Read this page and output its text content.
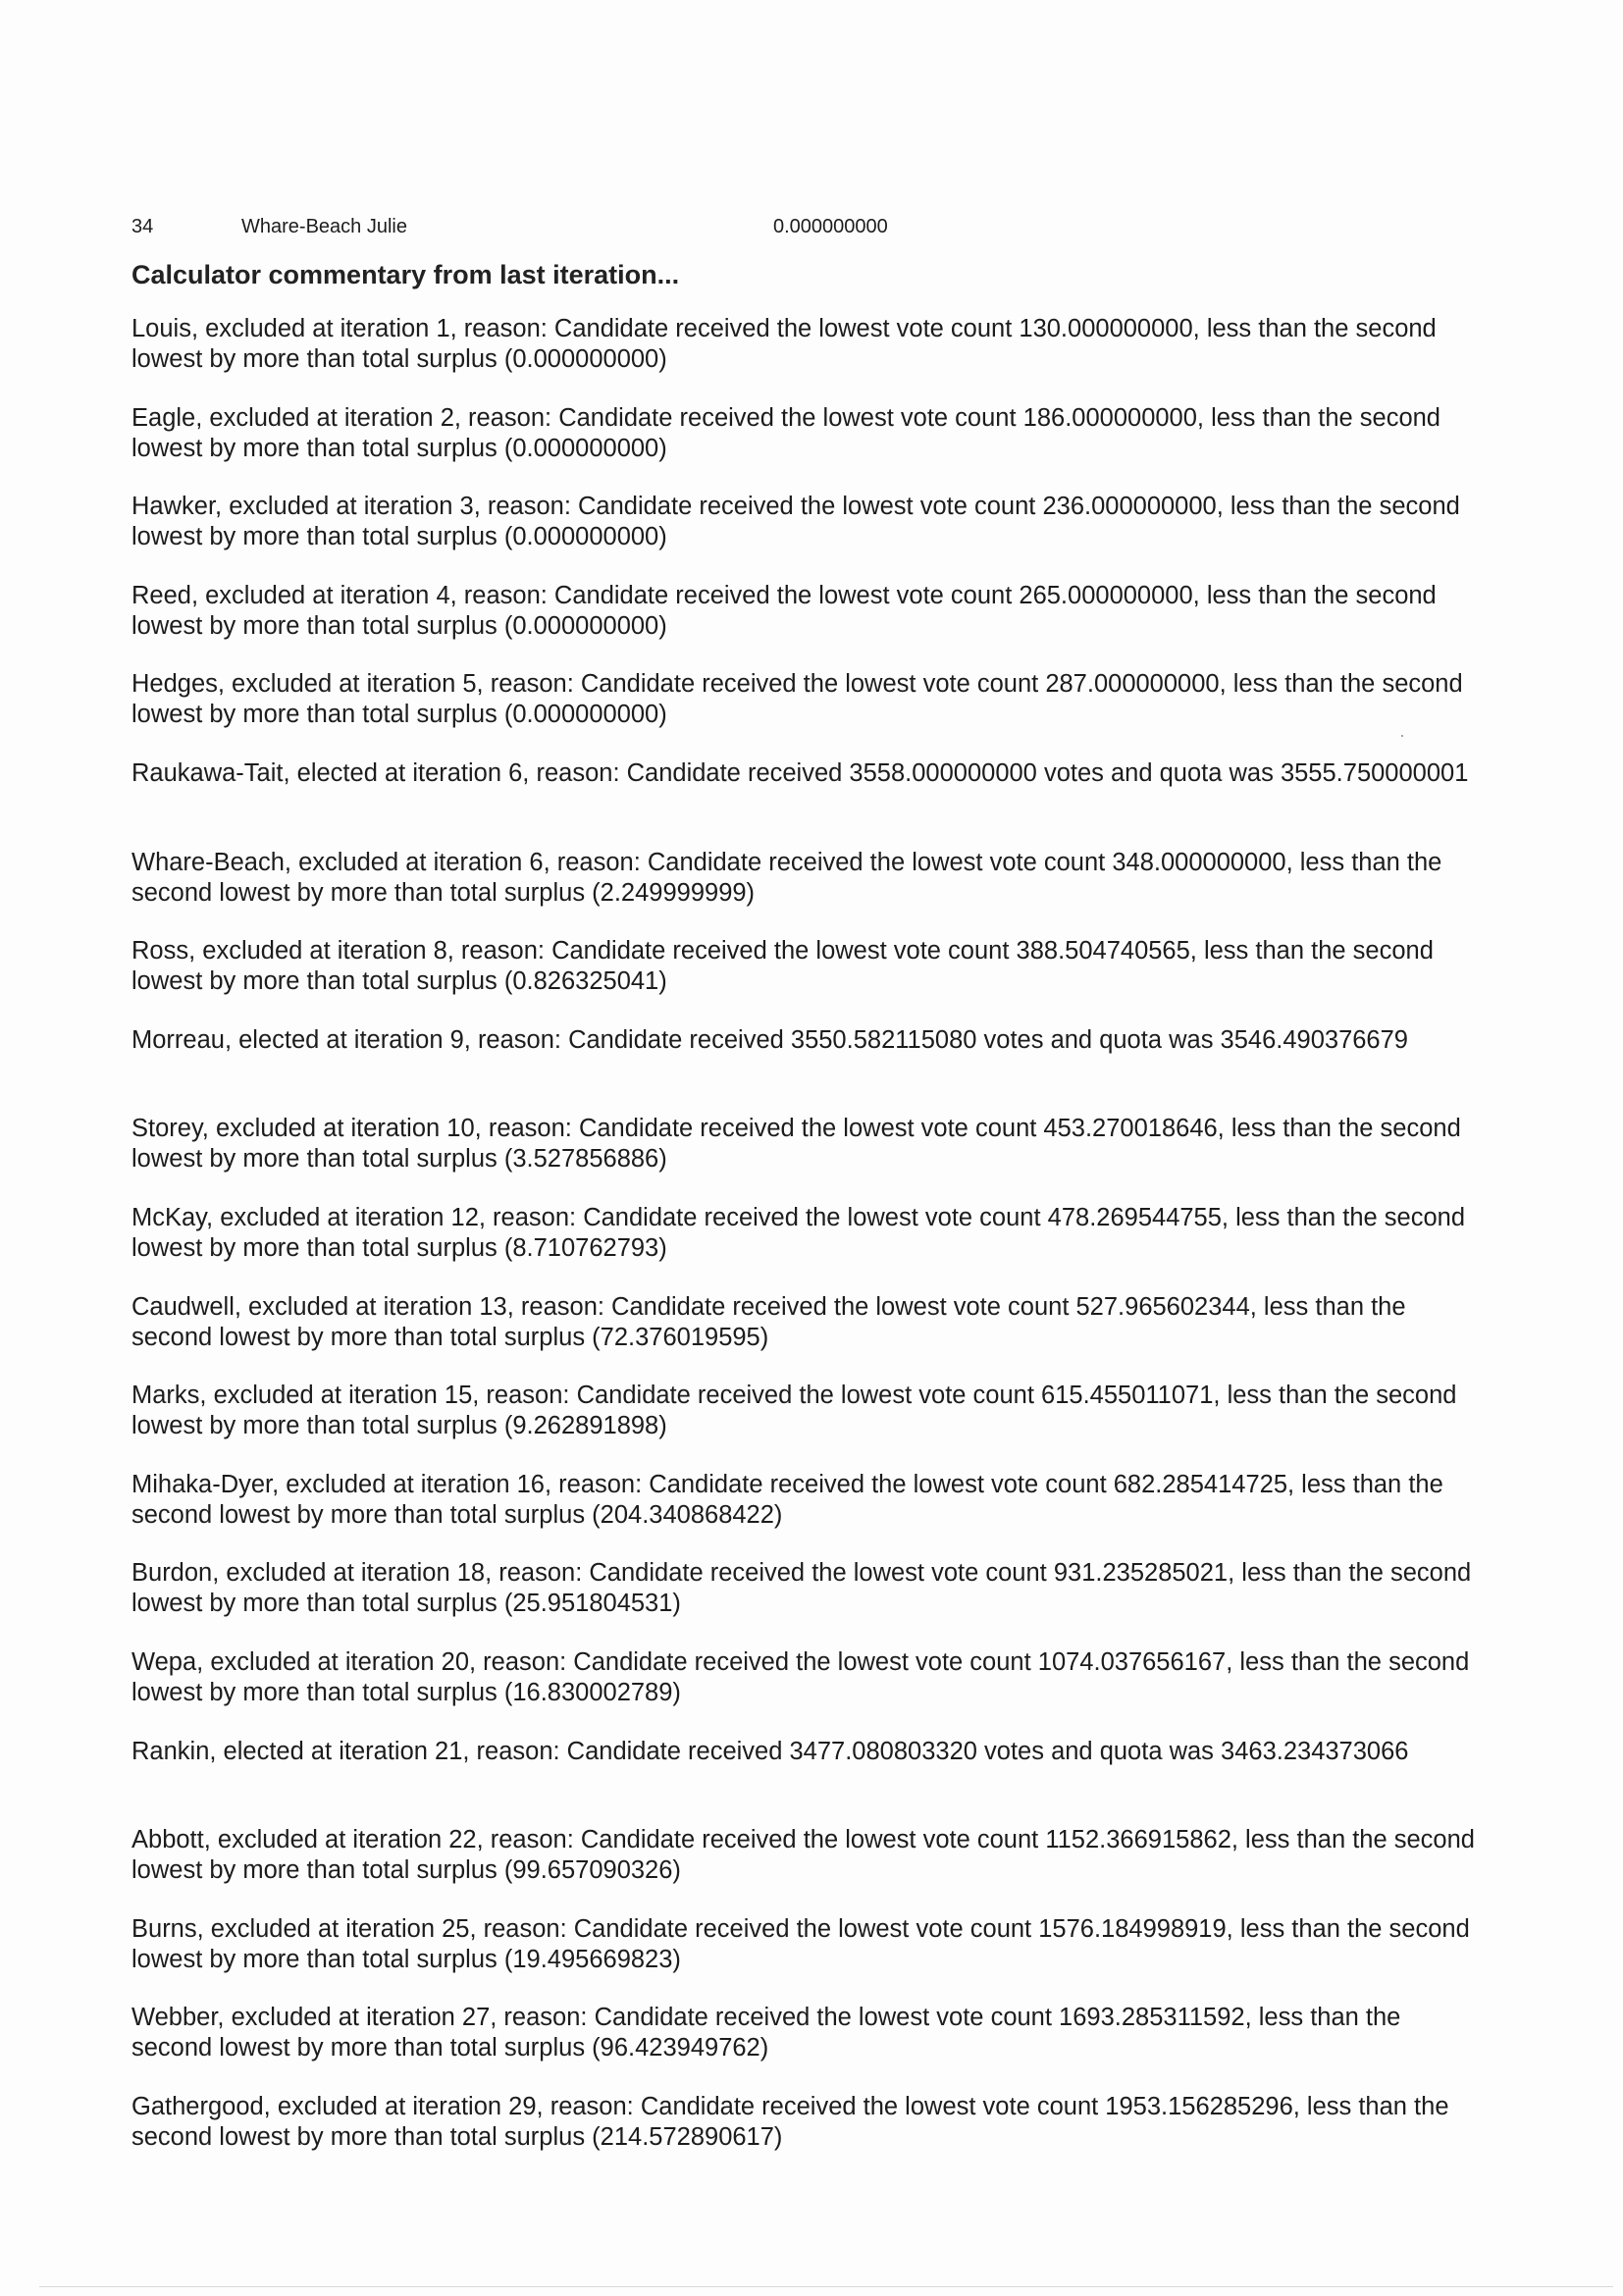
34	Whare-Beach Julie	0.000000000
Calculator commentary from last iteration...
Louis, excluded at iteration 1, reason: Candidate received the lowest vote count 130.000000000, less than the second
lowest by more than total surplus (0.000000000)
Eagle, excluded at iteration 2, reason: Candidate received the lowest vote count 186.000000000, less than the second
lowest by more than total surplus (0.000000000)
Hawker, excluded at iteration 3, reason: Candidate received the lowest vote count 236.000000000, less than the second
lowest by more than total surplus (0.000000000)
Reed, excluded at iteration 4, reason: Candidate received the lowest vote count 265.000000000, less than the second
lowest by more than total surplus (0.000000000)
Hedges, excluded at iteration 5, reason: Candidate received the lowest vote count 287.000000000, less than the second
lowest by more than total surplus (0.000000000)
Raukawa-Tait, elected at iteration 6, reason: Candidate received 3558.000000000 votes and quota was 3555.750000001
Whare-Beach, excluded at iteration 6, reason: Candidate received the lowest vote count 348.000000000, less than the
second lowest by more than total surplus (2.249999999)
Ross, excluded at iteration 8, reason: Candidate received the lowest vote count 388.504740565, less than the second
lowest by more than total surplus (0.826325041)
Morreau, elected at iteration 9, reason: Candidate received 3550.582115080 votes and quota was 3546.490376679
Storey, excluded at iteration 10, reason: Candidate received the lowest vote count 453.270018646, less than the second
lowest by more than total surplus (3.527856886)
McKay, excluded at iteration 12, reason: Candidate received the lowest vote count 478.269544755, less than the second
lowest by more than total surplus (8.710762793)
Caudwell, excluded at iteration 13, reason: Candidate received the lowest vote count 527.965602344, less than the
second lowest by more than total surplus (72.376019595)
Marks, excluded at iteration 15, reason: Candidate received the lowest vote count 615.455011071, less than the second
lowest by more than total surplus (9.262891898)
Mihaka-Dyer, excluded at iteration 16, reason: Candidate received the lowest vote count 682.285414725, less than the
second lowest by more than total surplus (204.340868422)
Burdon, excluded at iteration 18, reason: Candidate received the lowest vote count 931.235285021, less than the second
lowest by more than total surplus (25.951804531)
Wepa, excluded at iteration 20, reason: Candidate received the lowest vote count 1074.037656167, less than the second
lowest by more than total surplus (16.830002789)
Rankin, elected at iteration 21, reason: Candidate received 3477.080803320 votes and quota was 3463.234373066
Abbott, excluded at iteration 22, reason: Candidate received the lowest vote count 1152.366915862, less than the second
lowest by more than total surplus (99.657090326)
Burns, excluded at iteration 25, reason: Candidate received the lowest vote count 1576.184998919, less than the second
lowest by more than total surplus (19.495669823)
Webber, excluded at iteration 27, reason: Candidate received the lowest vote count 1693.285311592, less than the
second lowest by more than total surplus (96.423949762)
Gathergood, excluded at iteration 29, reason: Candidate received the lowest vote count 1953.156285296, less than the
second lowest by more than total surplus (214.572890617)
